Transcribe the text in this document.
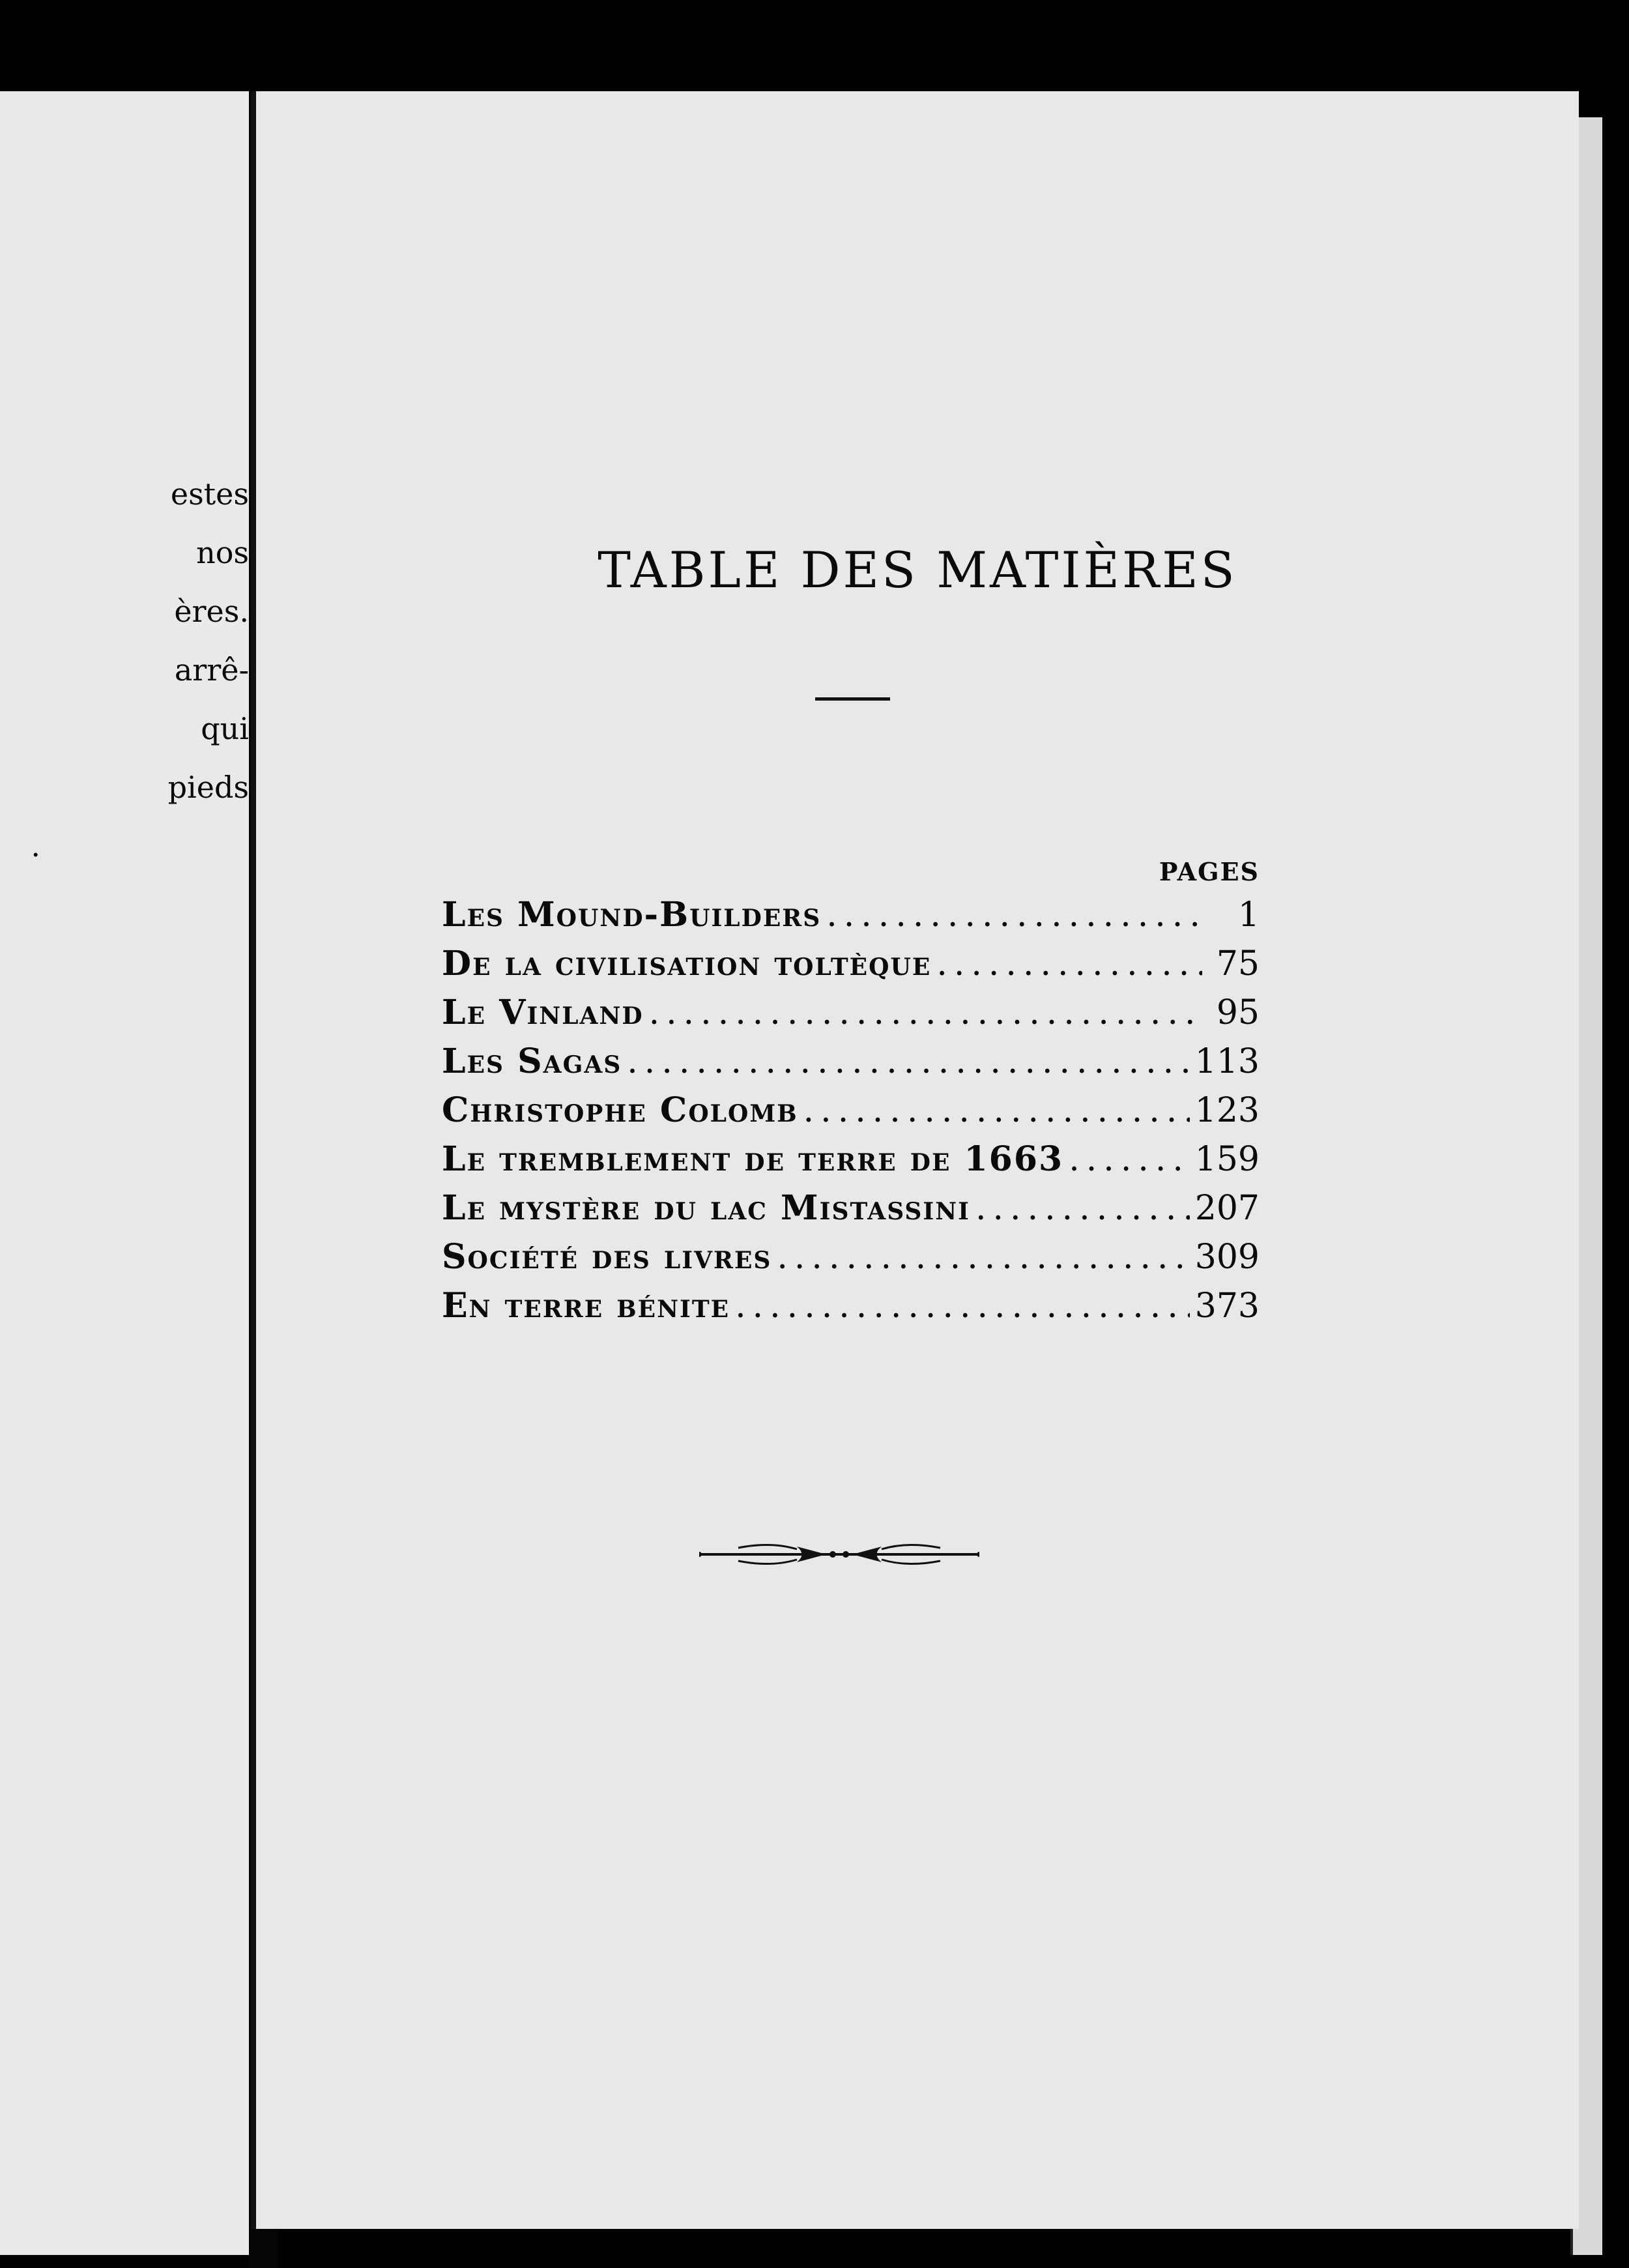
estes
nos
ères.
arrê-
qui
pieds
.
TABLE DES MATIÈRES
PAGES
Les Mound-Builders .....	1
De la civilisation toltèque .....	75
Le Vinland .....	95
Les Sagas .....	113
Christophe Colomb .....	123
Le tremblement de terre de 1663 .....	159
Le mystère du lac Mistassini .....	207
Société des livres .....	309
En terre bénite .....	373
